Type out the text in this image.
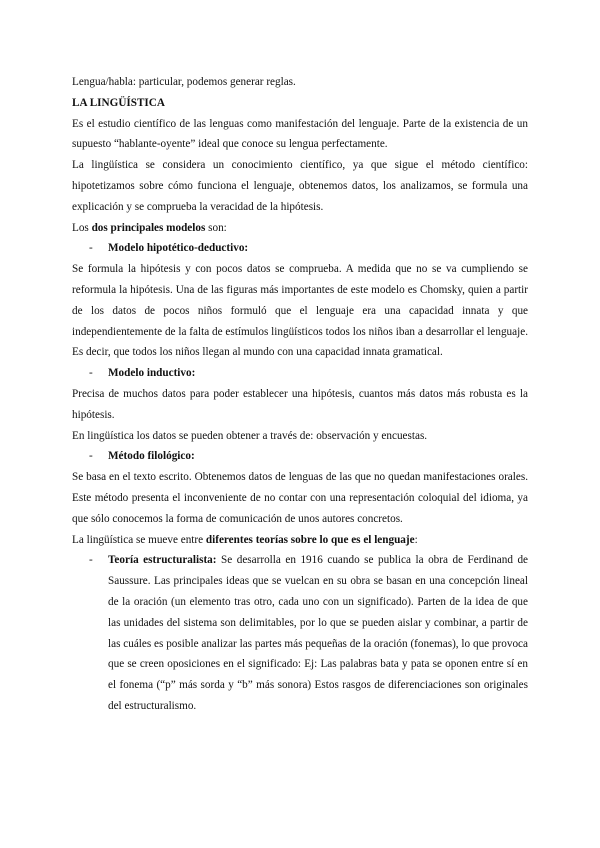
Lengua/habla: particular, podemos generar reglas.

LA LINGÜÍSTICA

Es el estudio científico de las lenguas como manifestación del lenguaje. Parte de la existencia de un supuesto “hablante-oyente” ideal que conoce su lengua perfectamente.

La lingüística se considera un conocimiento científico, ya que sigue el método científico: hipotetizamos sobre cómo funciona el lenguaje, obtenemos datos, los analizamos, se formula una explicación y se comprueba la veracidad de la hipótesis.

Los dos principales modelos son:

- Modelo hipotético-deductivo:

Se formula la hipótesis y con pocos datos se comprueba. A medida que no se va cumpliendo se reformula la hipótesis. Una de las figuras más importantes de este modelo es Chomsky, quien a partir de los datos de pocos niños formuló que el lenguaje era una capacidad innata y que independientemente de la falta de estímulos lingüísticos todos los niños iban a desarrollar el lenguaje. Es decir, que todos los niños llegan al mundo con una capacidad innata gramatical.

- Modelo inductivo:

Precisa de muchos datos para poder establecer una hipótesis, cuantos más datos más robusta es la hipótesis.

En lingüística los datos se pueden obtener a través de: observación y encuestas.

- Método filológico:

Se basa en el texto escrito. Obtenemos datos de lenguas de las que no quedan manifestaciones orales. Este método presenta el inconveniente de no contar con una representación coloquial del idioma, ya que sólo conocemos la forma de comunicación de unos autores concretos.

La lingüística se mueve entre diferentes teorías sobre lo que es el lenguaje:

- Teoría estructuralista: Se desarrolla en 1916 cuando se publica la obra de Ferdinand de Saussure. Las principales ideas que se vuelcan en su obra se basan en una concepción lineal de la oración (un elemento tras otro, cada uno con un significado). Parten de la idea de que las unidades del sistema son delimitables, por lo que se pueden aislar y combinar, a partir de las cuáles es posible analizar las partes más pequeñas de la oración (fonemas), lo que provoca que se creen oposiciones en el significado: Ej: Las palabras bata y pata se oponen entre sí en el fonema (“p” más sorda y “b” más sonora) Estos rasgos de diferenciaciones son originales del estructuralismo.
